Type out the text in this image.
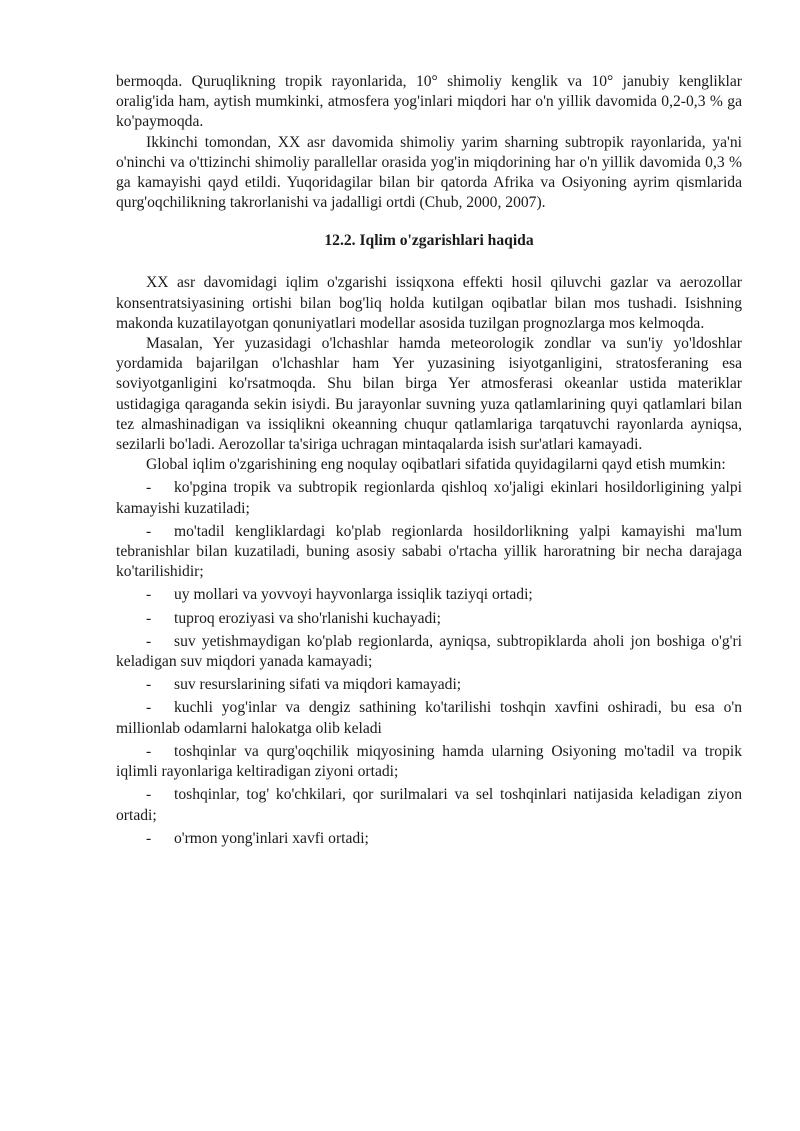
bermoqda. Quruqlikning tropik rayonlarida, 10° shimoliy kenglik va 10° janubiy kengliklar oralig'ida ham, aytish mumkinki, atmosfera yog'inlari miqdori har o'n yillik davomida 0,2-0,3 % ga ko'paymoqda.

Ikkinchi tomondan, XX asr davomida shimoliy yarim sharning subtropik rayonlarida, ya'ni o'ninchi va o'ttizinchi shimoliy parallellar orasida yog'in miqdorining har o'n yillik davomida 0,3 % ga kamayishi qayd etildi. Yuqoridagilar bilan bir qatorda Afrika va Osiyoning ayrim qismlarida qurg'oqchilikning takrorlanishi va jadalligi ortdi (Chub, 2000, 2007).

12.2. Iqlim o'zgarishlari haqida

XX asr davomidagi iqlim o'zgarishi issiqxona effekti hosil qiluvchi gazlar va aerozollar konsentratsiyasining ortishi bilan bog'liq holda kutilgan oqibatlar bilan mos tushadi. Isishning makonda kuzatilayotgan qonuniyatlari modellar asosida tuzilgan prognozlarga mos kelmoqda.

Masalan, Yer yuzasidagi o'lchashlar hamda meteorologik zondlar va sun'iy yo'ldoshlar yordamida bajarilgan o'lchashlar ham Yer yuzasining isiyotganligini, stratosferaning esa soviyotganligini ko'rsatmoqda. Shu bilan birga Yer atmosferasi okeanlar ustida materiklar ustidagiga qaraganda sekin isiydi. Bu jarayonlar suvning yuza qatlamlarining quyi qatlamlari bilan tez almashinadigan va issiqlikni okeanning chuqur qatlamlariga tarqatuvchi rayonlarda ayniqsa, sezilarli bo'ladi. Aerozollar ta'siriga uchragan mintaqalarda isish sur'atlari kamayadi.

Global iqlim o'zgarishining eng noqulay oqibatlari sifatida quyidagilarni qayd etish mumkin:

- ko'pgina tropik va subtropik regionlarda qishloq xo'jaligi ekinlari hosildorligining yalpi kamayishi kuzatiladi;

- mo'tadil kengliklardagi ko'plab regionlarda hosildorlikning yalpi kamayishi ma'lum tebranishlar bilan kuzatiladi, buning asosiy sababi o'rtacha yillik haroratning bir necha darajaga ko'tarilishidir;

- uy mollari va yovvoyi hayvonlarga issiqlik taziyqi ortadi;

- tuproq eroziyasi va sho'rlanishi kuchayadi;

- suv yetishmaydigan ko'plab regionlarda, ayniqsa, subtropiklarda aholi jon boshiga o'g'ri keladigan suv miqdori yanada kamayadi;

- suv resurslarining sifati va miqdori kamayadi;

- kuchli yog'inlar va dengiz sathining ko'tarilishi toshqin xavfini oshiradi, bu esa o'n millionlab odamlarni halokatga olib keladi

- toshqinlar va qurg'oqchilik miqyosining hamda ularning Osiyoning mo'tadil va tropik iqlimli rayonlariga keltiradigan ziyoni ortadi;

- toshqinlar, tog' ko'chkilari, qor surilmalari va sel toshqinlari natijasida keladigan ziyon ortadi;

- o'rmon yong'inlari xavfi ortadi;
